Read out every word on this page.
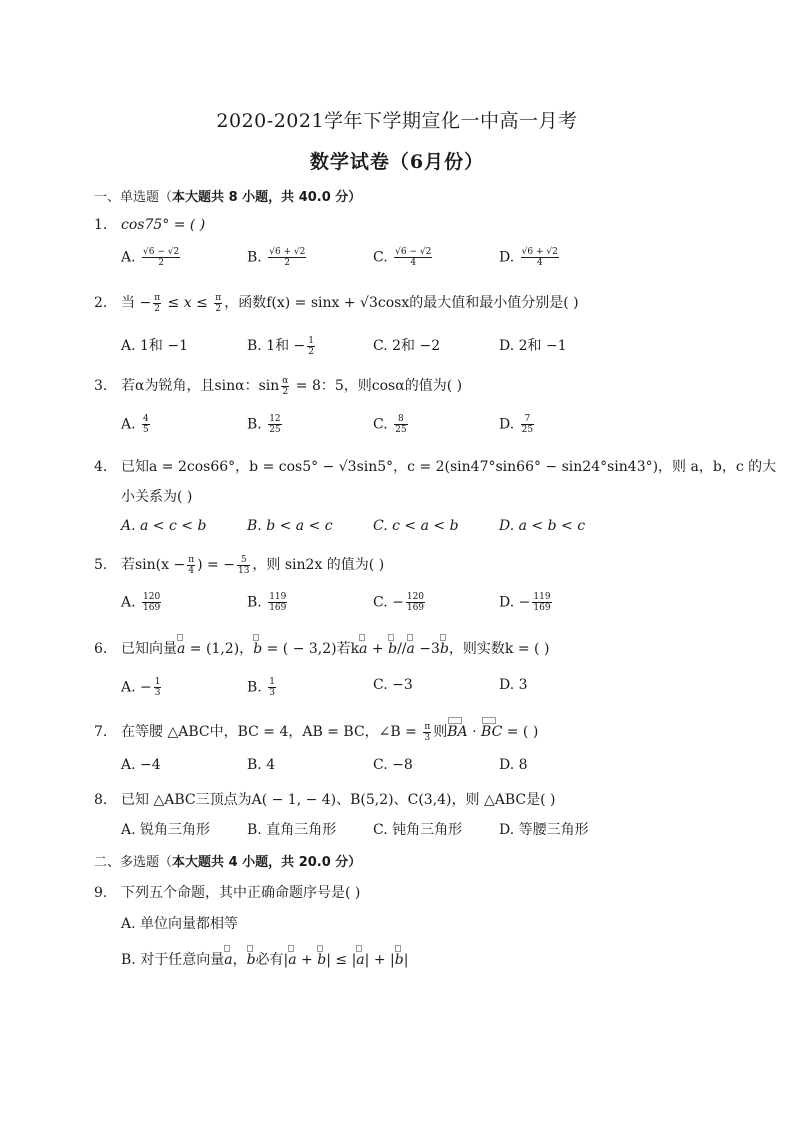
2020-2021学年下学期宣化一中高一月考
数学试卷（6月份）
一、单选题（本大题共 8 小题，共 40.0 分）
1. cos75° = ( )
A. $\frac{√6 - √2}{2}$	B. $\frac{√6 + √2}{2}$	C. $\frac{√6 - √2}{4}$	D. $\frac{√6 + √2}{4}$
2. 当 − $\frac{\pi}{2} \le x \le \frac{\pi}{2}$ ，函数f(x) = sinx + √3cosx的最大值和最小值分别是( )
A. 1和 −1	B. 1和 − $\frac{1}{2}$	C. 2和 −2	D. 2和 −1
3. 若α为锐角，且sinα：$\sin \frac{\alpha}{2} = 8$：5，则cosα的值为( )
A. $\frac{4}{5}$	B. $\frac{12}{25}$	C. $\frac{8}{25}$	D. $\frac{7}{25}$
4. 已知a = 2cos66°，b = cos5° − √3sin5°，c = 2(sin47°sin66° − sin24°sin43°)，则 a，b，c 的大
小关系为( )
A. a < c < b	B. b < a < c	C. c < a < b	D. a < b < c
5. 若$\sin(x - \frac{\pi}{4}$ ) = − $\frac{5}{13}$ ，则 sin2x 的值为( )
A. $\frac{120}{169}$	B. $\frac{119}{169}$	C. − $\frac{120}{169}$	D. − $\frac{119}{169}$
6. 已知向量a = (1,2)，b = ( − 3,2)若ka + b//a −3b，则实数k = ( )
A. − $\frac{1}{3}$	B. $\frac{1}{3}$	C. −3	D. 3
7. 在等腰 △ABC中，BC = 4，AB = BC，∠B = $\frac{\pi}{3}$ 则BA · BC = ( )
A. −4	B. 4	C. −8	D. 8
8. 已知 △ABC三顶点为A( − 1, − 4)、B(5,2)、C(3,4)，则 △ABC是( )
A. 锐角三角形	B. 直角三角形	C. 钝角三角形	D. 等腰三角形
二、多选题（本大题共 4 小题，共 20.0 分）
9. 下列五个命题，其中正确命题序号是( )
A. 单位向量都相等
B. 对于任意向量a，b必有|a + b| ≤ |a| + |b|
